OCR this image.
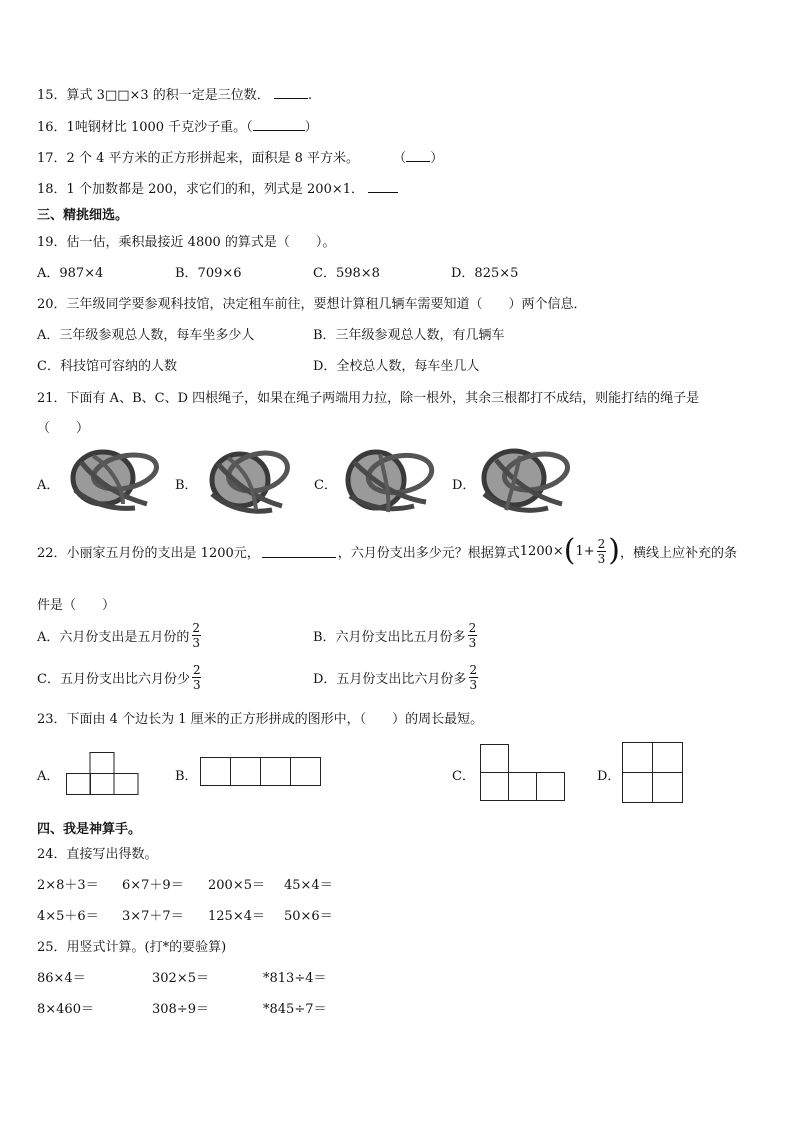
15．算式 3□□×3 的积一定是三位数．	.
16．1吨钢材比 1000 千克沙子重。（	）
17．2 个 4 平方米的正方形拼起来，面积是 8 平方米。	（ ）
18．1 个加数都是 200，求它们的和，列式是 200×1．
三、精挑细选。
19．估一估，乘积最接近 4800 的算式是（　　）。
A．987×4	B．709×6	C．598×8	D．825×5
20．三年级同学要参观科技馆，决定租车前往，要想计算租几辆车需要知道（　　）两个信息．
A．三年级参观总人数，每车坐多少人	B．三年级参观总人数，有几辆车
C．科技馆可容纳的人数	D．全校总人数，每车坐几人
21．下面有 A、B、C、D 四根绳子，如果在绳子两端用力拉，除一根外，其余三根都打不成结，则能打结的绳子是
（　　）
A．	B．	C．	D．
22．小丽家五月份的支出是 1200元，	，六月份支出多少元？根据算式 1200× ( $1+ \frac{2}{3}$ ) ，横线上应补充的条
件是（　　）
A．六月份支出是五月份的 $\frac{2}{3}$	B．六月份支出比五月份多 $\frac{2}{3}$
C．五月份支出比六月份少 $\frac{2}{3}$	D．五月份支出比六月份多 $\frac{2}{3}$
23．下面由 4 个边长为 1 厘米的正方形拼成的图形中，（　　）的周长最短。
A．	B．	C．	D．
四、我是神算手。
24．直接写出得数。
2×8＋3＝ 6×7＋9＝ 200×5＝ 45×4＝
4×5＋6＝ 3×7＋7＝ 125×4＝ 50×6＝
25．用竖式计算。(打*的要验算)
86×4＝	302×5＝	*813÷4＝
8×460＝	308÷9＝	*845÷7＝
